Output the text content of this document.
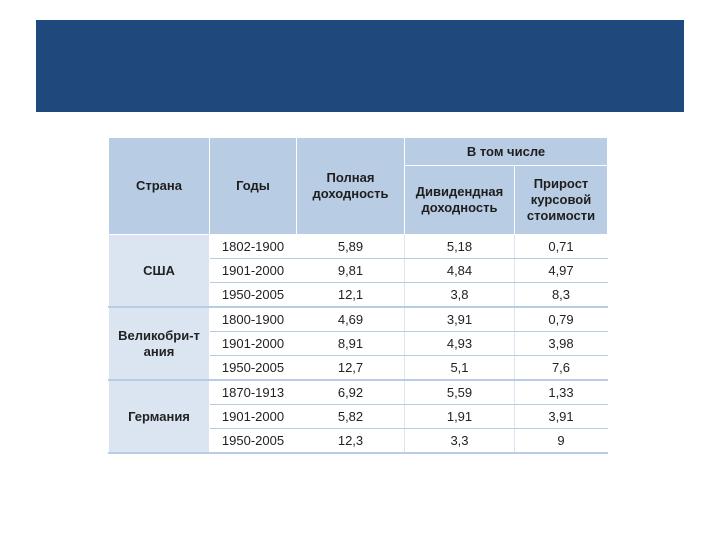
Страна	Годы	Полная доходность	В том числе	
			Дивидендная доходность	Прирост курсовой стоимости
США	1802-1900	5,89	5,18	0,71
	1901-2000	9,81	4,84	4,97
	1950-2005	12,1	3,8	8,3
Великобри-тания	1800-1900	4,69	3,91	0,79
	1901-2000	8,91	4,93	3,98
	1950-2005	12,7	5,1	7,6
Германия	1870-1913	6,92	5,59	1,33
	1901-2000	5,82	1,91	3,91
	1950-2005	12,3	3,3	9
